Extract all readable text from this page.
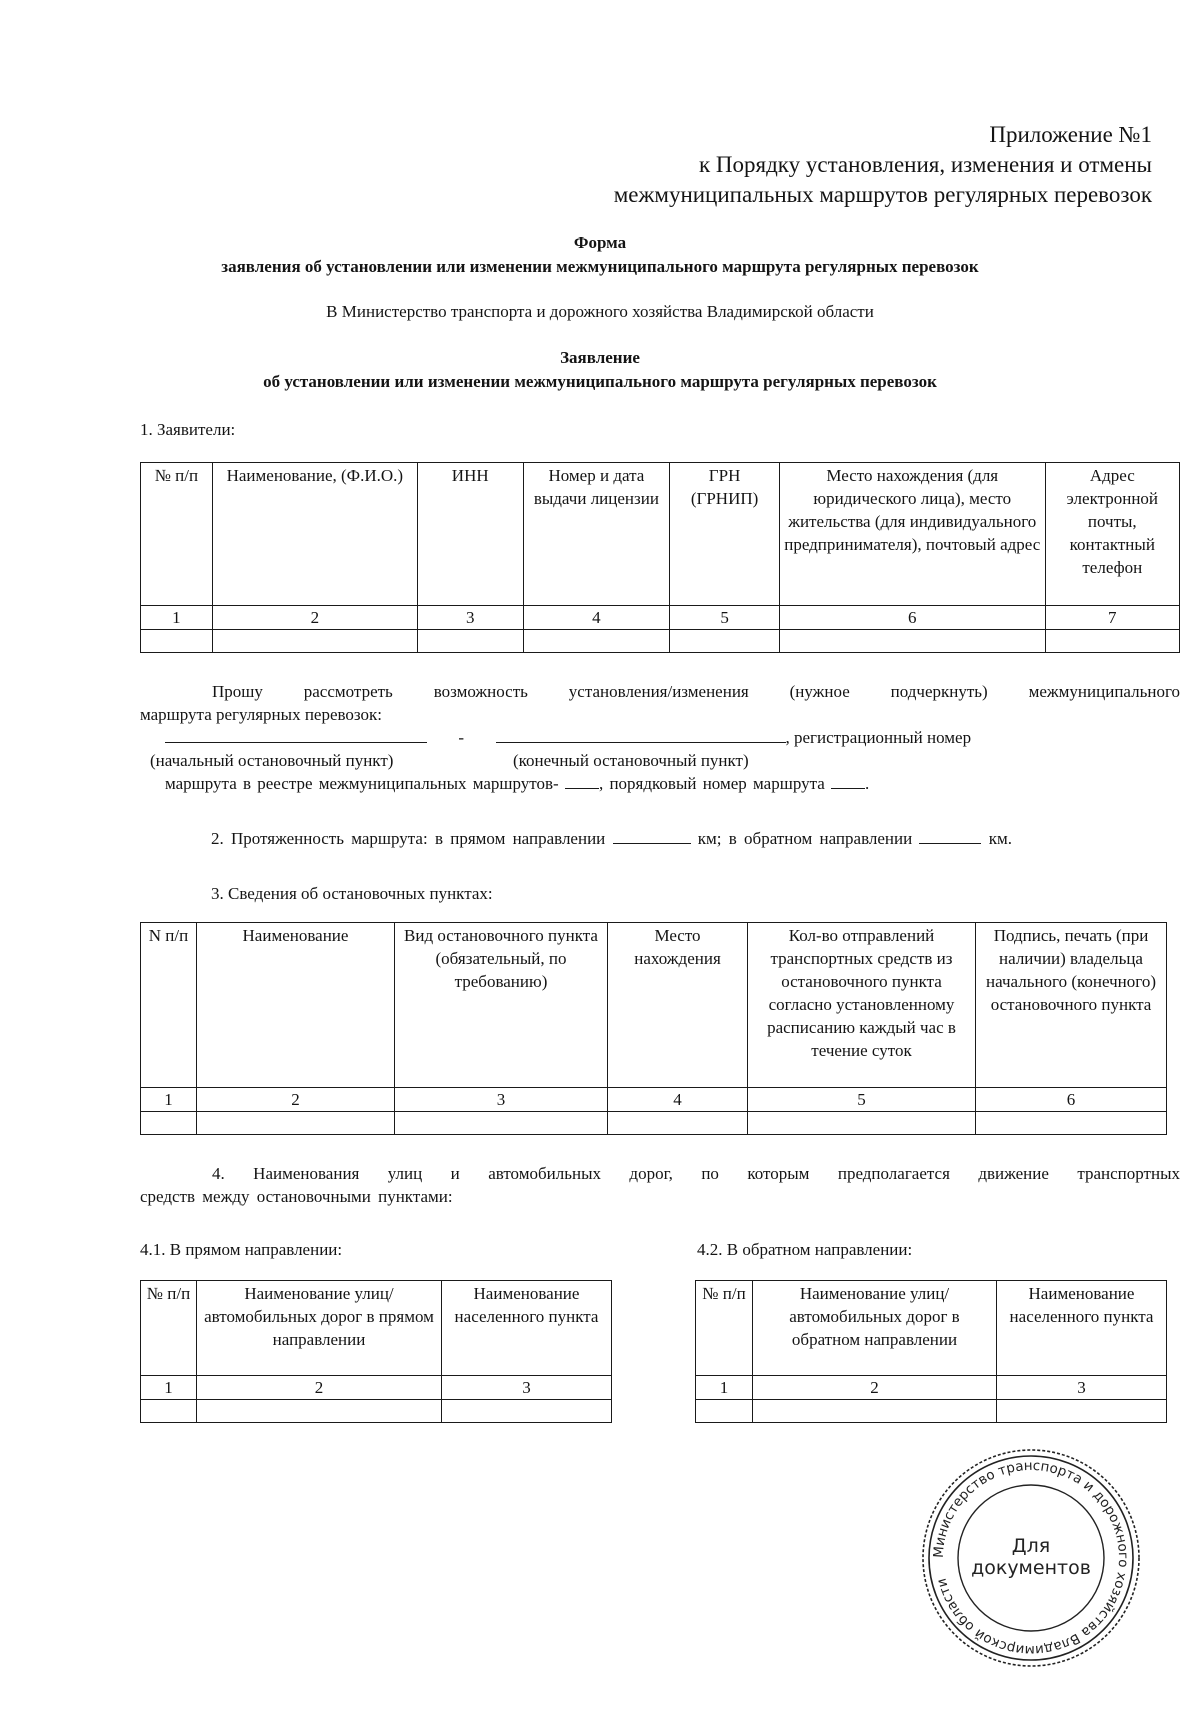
Приложение №1
к Порядку установления, изменения и отмены
межмуниципальных маршрутов регулярных перевозок
Форма
заявления об установлении или изменении межмуниципального маршрута регулярных перевозок
В Министерство транспорта и дорожного хозяйства Владимирской области
Заявление
об установлении или изменении межмуниципального маршрута регулярных перевозок
1. Заявители:
№ п/п	Наименование, (Ф.И.О.)	ИНН	Номер и дата выдачи лицензии	ГРН (ГРНИП)	Место нахождения (для юридического лица), место жительства (для индивидуального предпринимателя), почтовый адрес	Адрес электронной почты, контактный телефон
1	2	3	4	5	6	7

Прошу рассмотреть возможность установления/изменения (нужное подчеркнуть) межмуниципального
маршрута регулярных перевозок:
-	, регистрационный номер
(начальный остановочный пункт)	(конечный остановочный пункт)
маршрута в реестре межмуниципальных маршрутов- , порядковый номер маршрута .
2. Протяженность маршрута: в прямом направлении	км; в обратном направлении	км.
3. Сведения об остановочных пунктах:
N п/п	Наименование	Вид остановочного пункта (обязательный, по требованию)	Место нахождения	Кол-во отправлений транспортных средств из остановочного пункта согласно установленному расписанию каждый час в течение суток	Подпись, печать (при наличии) владельца начального (конечного) остановочного пункта
1	2	3	4	5	6

4. Наименования улиц и автомобильных дорог, по которым предполагается движение транспортных
средств между остановочными пунктами:
4.1. В прямом направлении:	4.2. В обратном направлении:
№ п/п	Наименование улиц/автомобильных дорог в прямом направлении	Наименование населенного пункта
1	2	3

№ п/п	Наименование улиц/автомобильных дорог в обратном направлении	Наименование населенного пункта
1	2	3

Министерство транспорта и дорожного хозяйства Владимирской области
Для
документов
